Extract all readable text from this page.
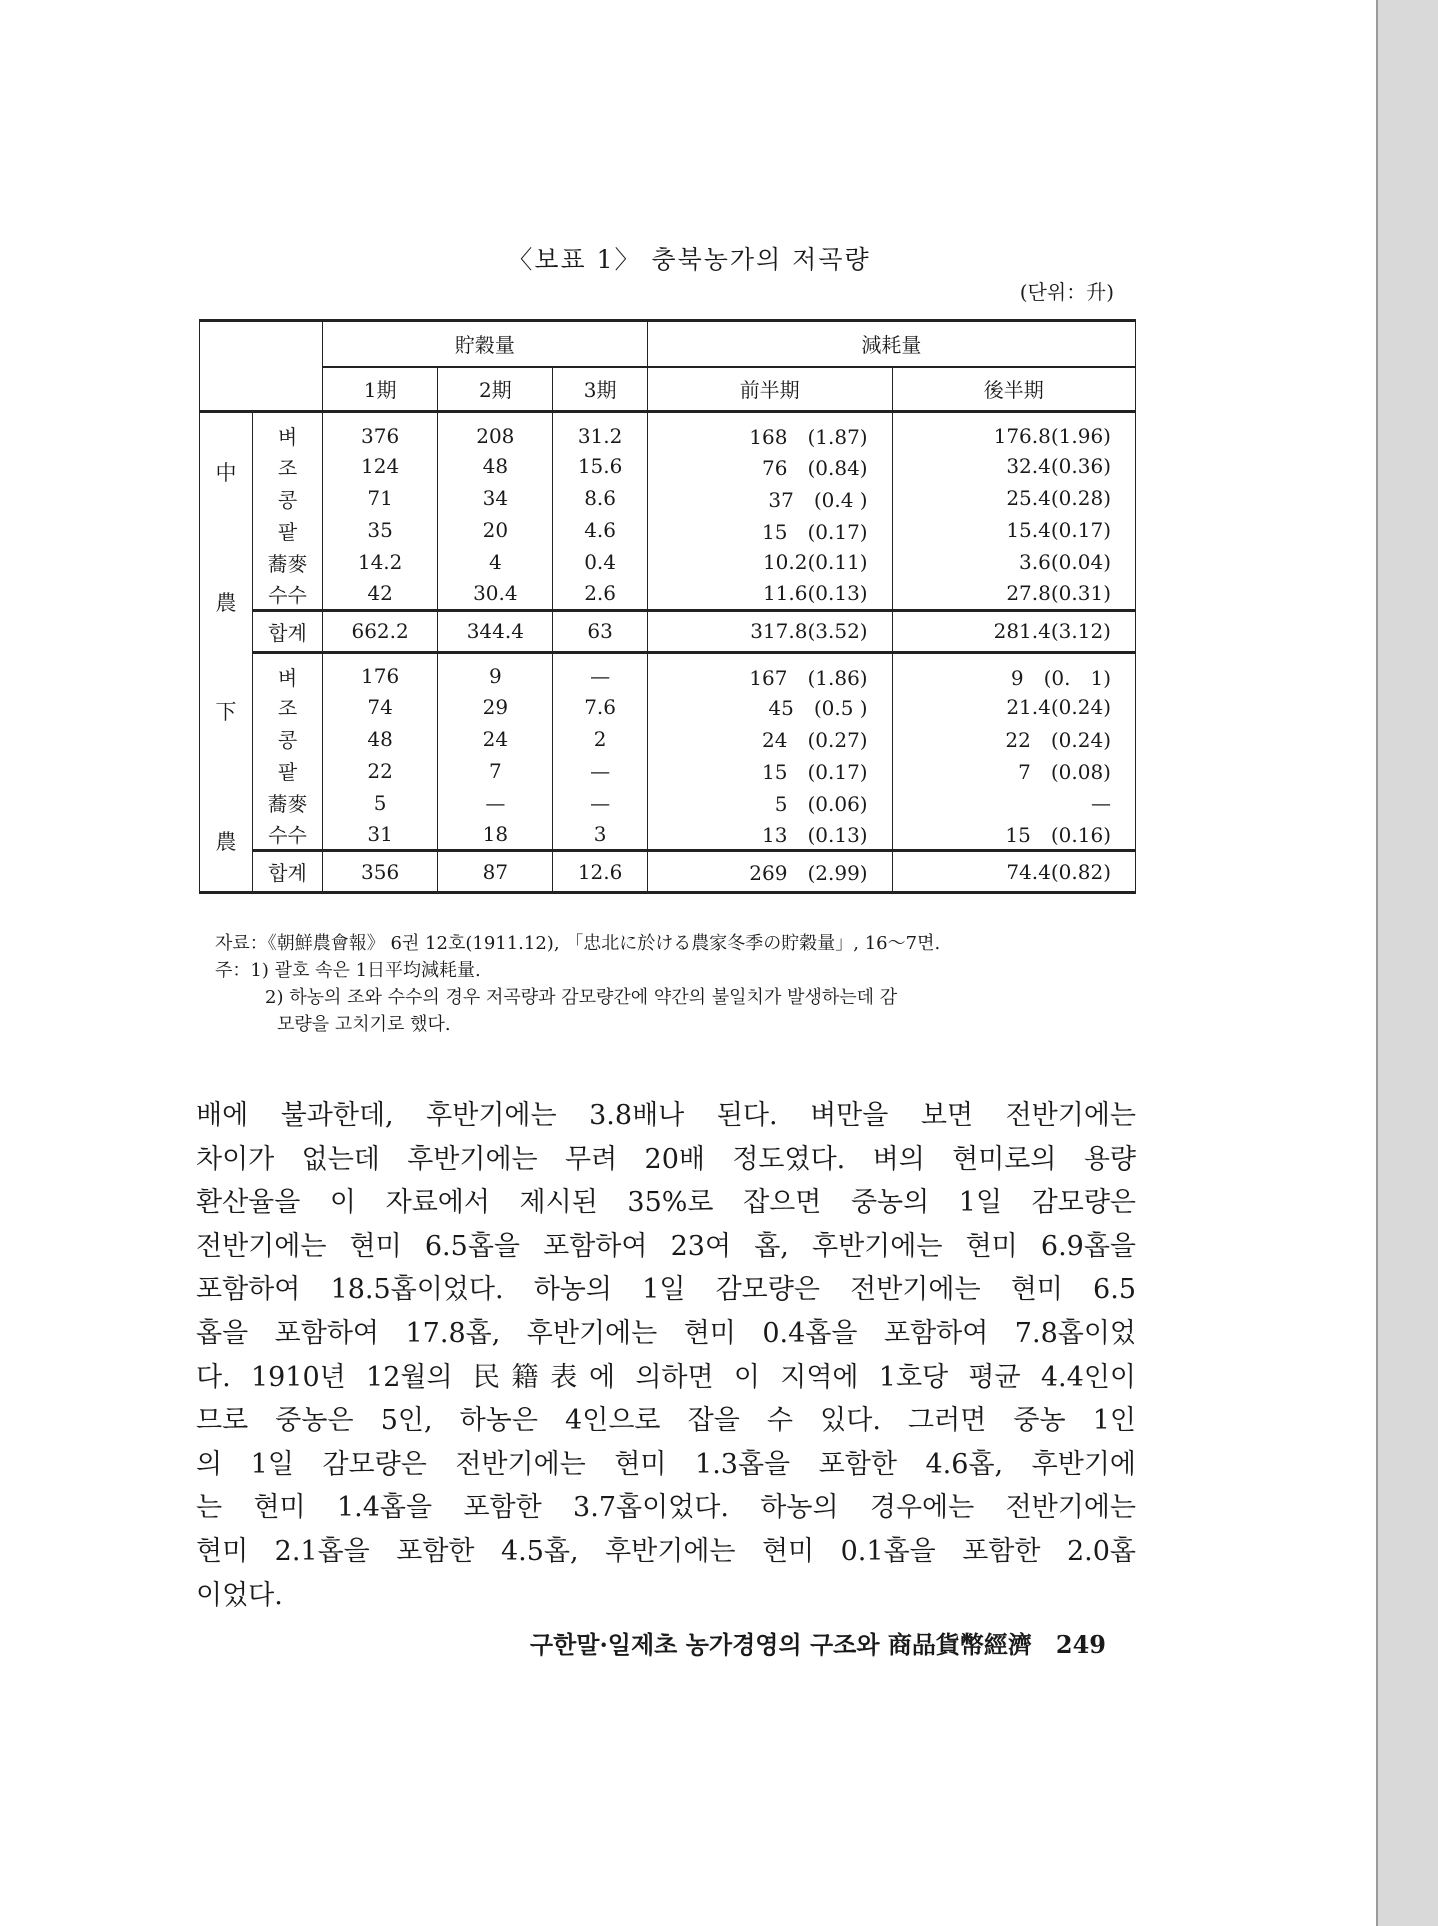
〈보표 1〉 충북농가의 저곡량
(단위：升)
		貯穀量			減耗量	
		1期	2期	3期	前半期	後半期

中
農	벼	376	208	31.2	168　(1.87)	176.8(1.96)
	조	124	48	15.6	76　(0.84)	32.4(0.36)
	콩	71	34	8.6	37　(0.4 )	25.4(0.28)
	팥	35	20	4.6	15　(0.17)	15.4(0.17)
	蕎麥	14.2	4	0.4	10.2(0.11)	3.6(0.04)
	수수	42	30.4	2.6	11.6(0.13)	27.8(0.31)
	합계	662.2	344.4	63	317.8(3.52)	281.4(3.12)

下
農	벼	176	9	—	167　(1.86)	9　(0.　1)
	조	74	29	7.6	45　(0.5 )	21.4(0.24)
	콩	48	24	2	24　(0.27)	22　(0.24)
	팥	22	7	—	15　(0.17)	7　(0.08)
	蕎麥	5	—	—	5　(0.06)	—
	수수	31	18	3	13　(0.13)	15　(0.16)
	합계	356	87	12.6	269　(2.99)	74.4(0.82)
자료：《朝鮮農會報》 6권 12호(1911.12), 「忠北に於ける農家冬季の貯穀量」, 16～7면.
주：1) 괄호 속은 1日平均減耗量.
2) 하농의 조와 수수의 경우 저곡량과 감모량간에 약간의 불일치가 발생하는데 감
모량을 고치기로 했다.
배에 불과한데, 후반기에는 3.8배나 된다. 벼만을 보면 전반기에는
차이가 없는데 후반기에는 무려 20배 정도였다. 벼의 현미로의 용량
환산율을 이 자료에서 제시된 35%로 잡으면 중농의 1일 감모량은
전반기에는 현미 6.5홉을 포함하여 23여 홉, 후반기에는 현미 6.9홉을
포함하여 18.5홉이었다. 하농의 1일 감모량은 전반기에는 현미 6.5
홉을 포함하여 17.8홉, 후반기에는 현미 0.4홉을 포함하여 7.8홉이었
다. 1910년 12월의 民籍表에 의하면 이 지역에 1호당 평균 4.4인이
므로 중농은 5인, 하농은 4인으로 잡을 수 있다. 그러면 중농 1인
의 1일 감모량은 전반기에는 현미 1.3홉을 포함한 4.6홉, 후반기에
는 현미 1.4홉을 포함한 3.7홉이었다. 하농의 경우에는 전반기에는
현미 2.1홉을 포함한 4.5홉, 후반기에는 현미 0.1홉을 포함한 2.0홉
이었다.
구한말·일제초 농가경영의 구조와 商品貨幣經濟　249
